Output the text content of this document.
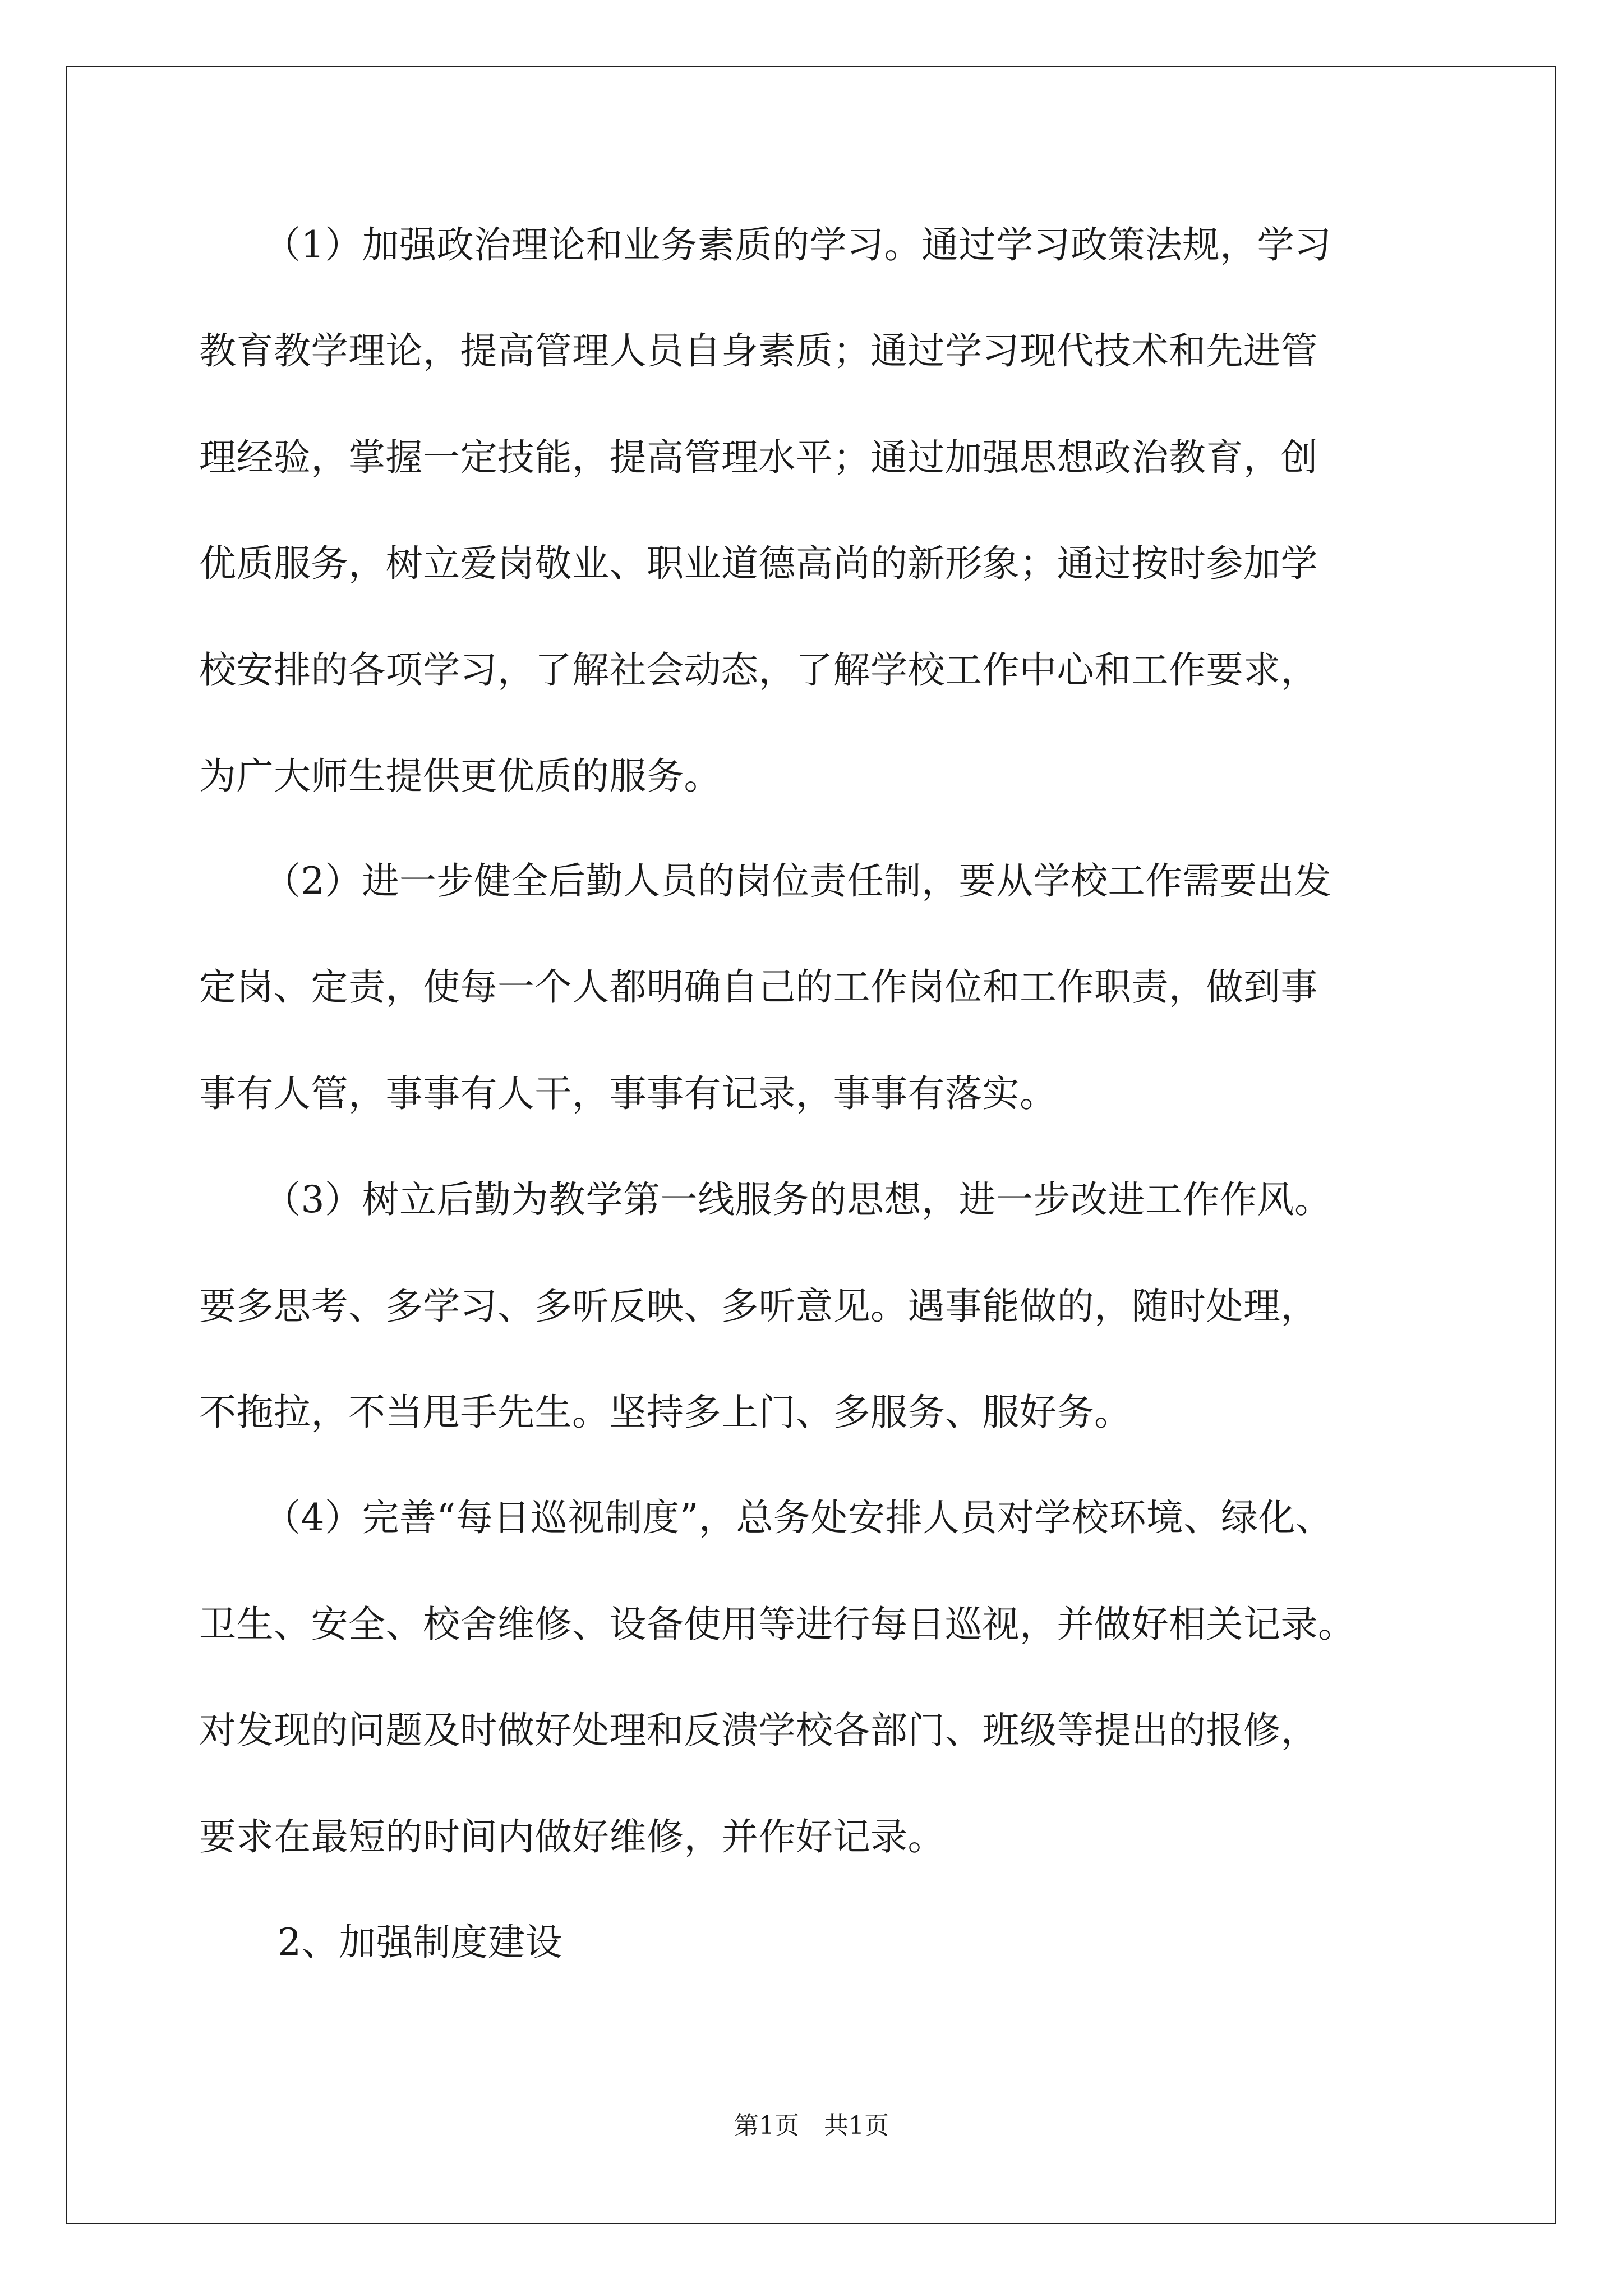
（1）加强政治理论和业务素质的学习。通过学习政策法规，学习
教育教学理论，提高管理人员自身素质；通过学习现代技术和先进管
理经验，掌握一定技能，提高管理水平；通过加强思想政治教育，创
优质服务，树立爱岗敬业、职业道德高尚的新形象；通过按时参加学
校安排的各项学习，了解社会动态，了解学校工作中心和工作要求，
为广大师生提供更优质的服务。
（2）进一步健全后勤人员的岗位责任制，要从学校工作需要出发
定岗、定责，使每一个人都明确自己的工作岗位和工作职责，做到事
事有人管，事事有人干，事事有记录，事事有落实。
（3）树立后勤为教学第一线服务的思想，进一步改进工作作风。
要多思考、多学习、多听反映、多听意见。遇事能做的，随时处理，
不拖拉，不当甩手先生。坚持多上门、多服务、服好务。
（4）完善“每日巡视制度”，总务处安排人员对学校环境、绿化、
卫生、安全、校舍维修、设备使用等进行每日巡视，并做好相关记录。
对发现的问题及时做好处理和反溃学校各部门、班级等提出的报修，
要求在最短的时间内做好维修，并作好记录。
2、加强制度建设
第1页　共1页
